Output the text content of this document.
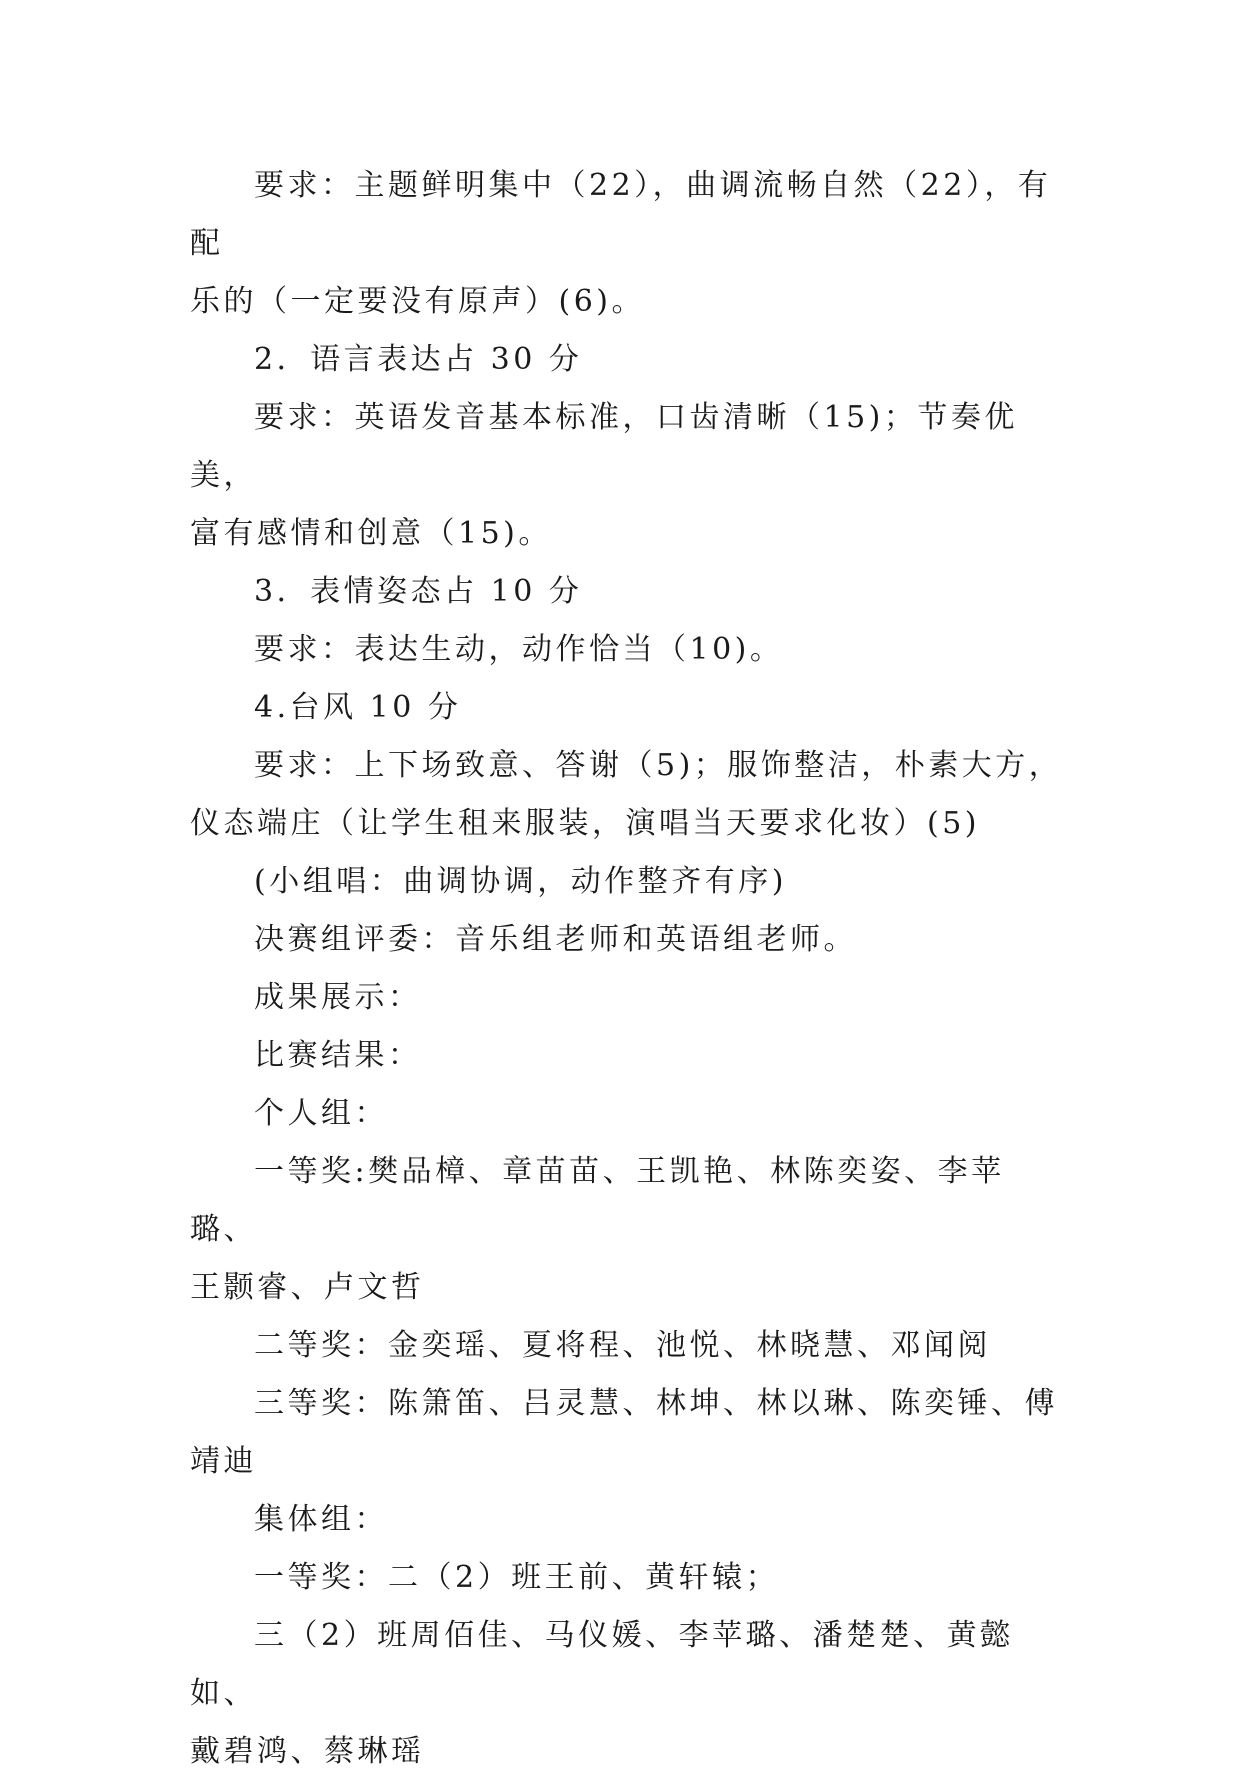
要求：主题鲜明集中（22），曲调流畅自然（22），有配
乐的（一定要没有原声）(6)。

2．语言表达占 30 分

要求：英语发音基本标准，口齿清晰（15)；节奏优美，
富有感情和创意（15)。

3．表情姿态占 10 分

要求：表达生动，动作恰当（10)。

4.台风 10 分

要求：上下场致意、答谢（5)；服饰整洁，朴素大方，
仪态端庄（让学生租来服装，演唱当天要求化妆）(5)

(小组唱：曲调协调，动作整齐有序)

决赛组评委：音乐组老师和英语组老师。

成果展示：

比赛结果：

个人组：

一等奖:樊品樟、章苗苗、王凯艳、林陈奕姿、李苹璐、
王颢睿、卢文哲

二等奖：金奕瑶、夏将程、池悦、林晓慧、邓闻阅

三等奖：陈箫笛、吕灵慧、林坤、林以琳、陈奕锤、傅
靖迪

集体组：

一等奖：二（2）班王前、黄轩辕；

三（2）班周佰佳、马仪媛、李苹璐、潘楚楚、黄懿如、
戴碧鸿、蔡琳瑶
